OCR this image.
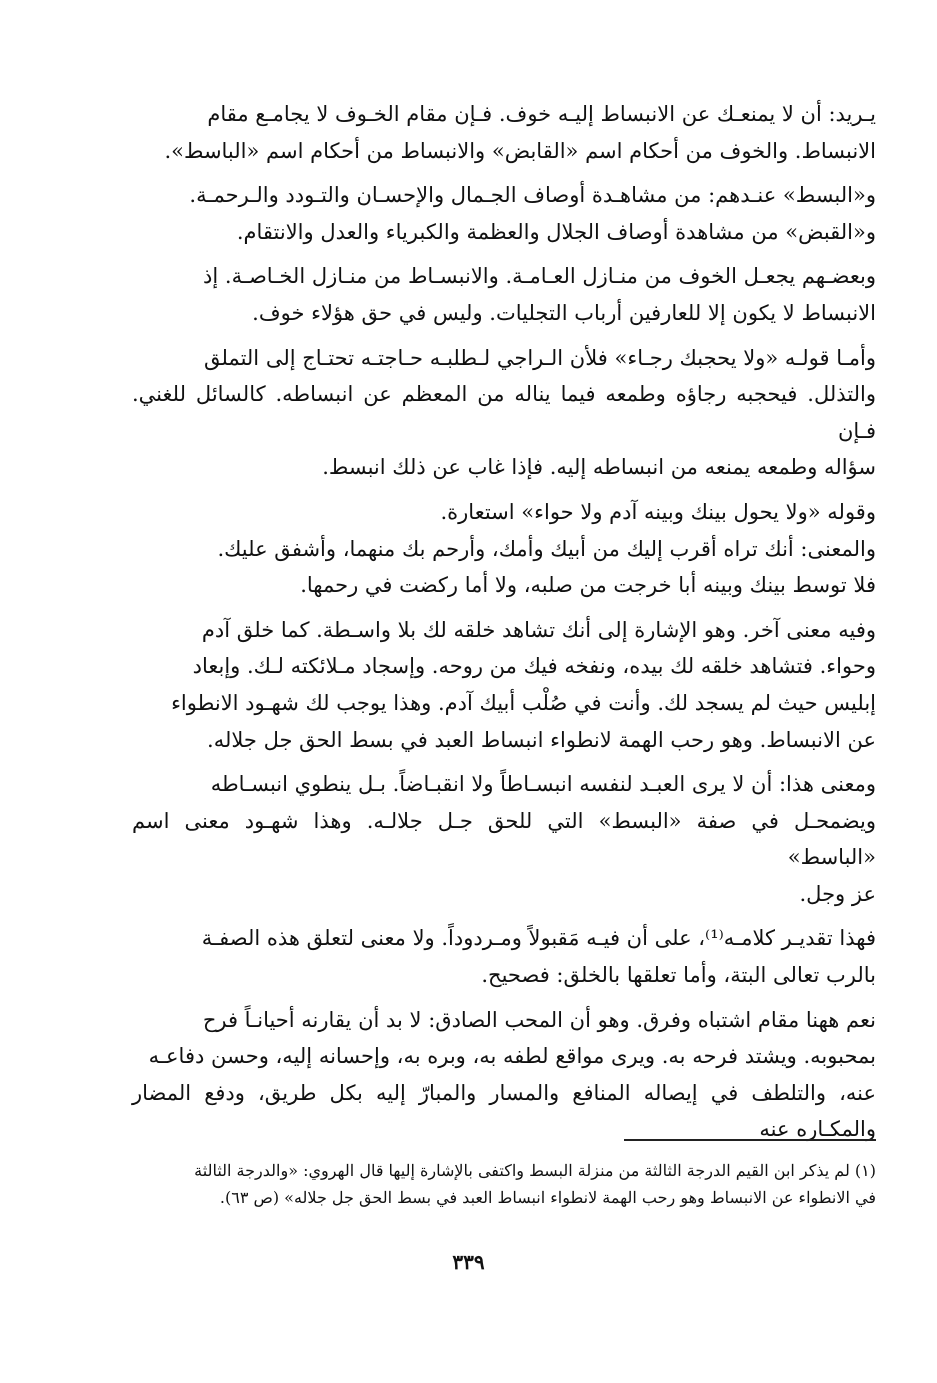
يـريد: أن لا يمنعـك عن الانبساط إليـه خوف. فـإن مقام الخـوف لا يجامـع مقام
الانبساط. والخوف من أحكام اسم «القابض» والانبساط من أحكام اسم «الباسط».
و«البسط» عنـدهم: من مشاهـدة أوصاف الجـمال والإحسـان والتـودد والـرحمـة.
و«القبض» من مشاهدة أوصاف الجلال والعظمة والكبرياء والعدل والانتقام.
وبعضـهم يجعـل الخوف من منـازل العـامـة. والانبسـاط من منـازل الخـاصـة. إذ
الانبساط لا يكون إلا للعارفين أرباب التجليات. وليس في حق هؤلاء خوف.
وأمـا قولـه «ولا يحجبك رجـاء» فلأن الـراجي لـطلبـه حـاجتـه تحتـاج إلى التملق
والتذلل. فيحجبه رجاؤه وطمعه فيما يناله من المعظم عن انبساطه. كالسائل للغني. فـإن
سؤاله وطمعه يمنعه من انبساطه إليه. فإذا غاب عن ذلك انبسط.
وقوله «ولا يحول بينك وبينه آدم ولا حواء» استعارة.
والمعنى: أنك تراه أقرب إليك من أبيك وأمك، وأرحم بك منهما، وأشفق عليك.
فلا توسط بينك وبينه أبا خرجت من صلبه، ولا أما ركضت في رحمها.
وفيه معنى آخر. وهو الإشارة إلى أنك تشاهد خلقه لك بلا واسـطة. كما خلق آدم
وحواء. فتشاهد خلقه لك بيده، ونفخه فيك من روحه. وإسجاد مـلائكته لـك. وإبعاد
إبليس حيث لم يسجد لك. وأنت في صُلْب أبيك آدم. وهذا يوجب لك شهـود الانطواء
عن الانبساط. وهو رحب الهمة لانطواء انبساط العبد في بسط الحق جل جلاله.
ومعنى هذا: أن لا يرى العبـد لنفسه انبسـاطاً ولا انقبـاضاً. بـل ينطوي انبسـاطه
ويضمحـل في صفة «البسط» التي للحق جـل جلالـه. وهذا شهـود معنى اسم «الباسط»
عز وجل.
فهذا تقديـر كلامـه⁽¹⁾، على أن فيـه مَقبولاً ومـردوداً. ولا معنى لتعلق هذه الصفـة
بالرب تعالى البتة، وأما تعلقها بالخلق: فصحيح.
نعم ههنا مقام اشتباه وفرق. وهو أن المحب الصادق: لا بد أن يقارنه أحيانـاً فرح
بمحبوبه. ويشتد فرحه به. ويرى مواقع لطفه به، وبره به، وإحسانه إليه، وحسن دفاعـه
عنه، والتلطف في إيصاله المنافع والمسار والمبارّ إليه بكل طريق، ودفع المضار والمكـاره عنه
(١) لم يذكر ابن القيم الدرجة الثالثة من منزلة البسط واكتفى بالإشارة إليها قال الهروي: «والدرجة الثالثة
في الانطواء عن الانبساط وهو رحب الهمة لانطواء انبساط العبد في بسط الحق جل جلاله» (ص ٦٣).
٣٣٩
